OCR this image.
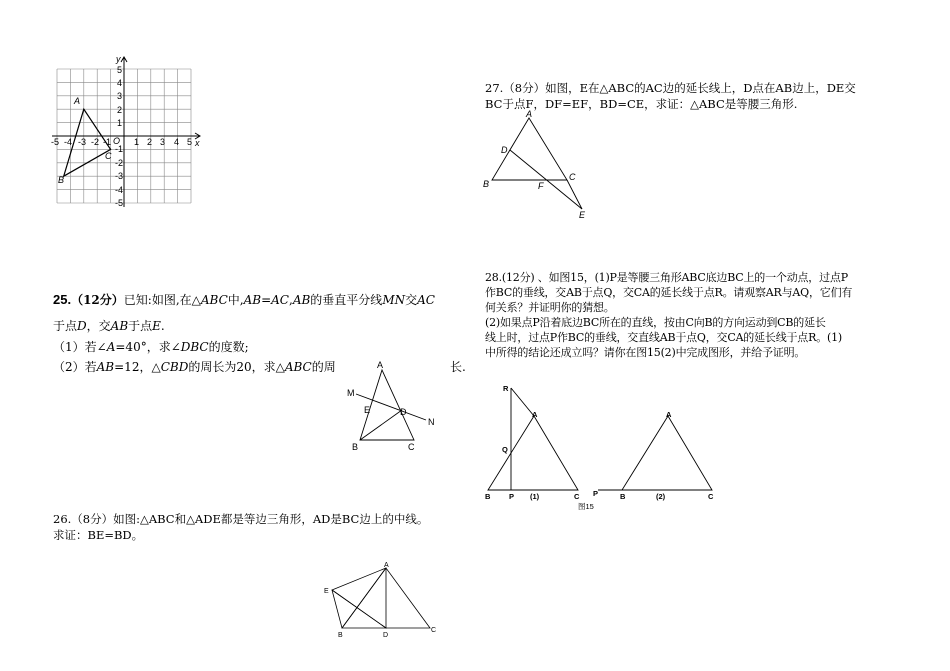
y
x
O
-5 -4 -3 -2 -1	1 2 3 4 5
5
4
3
2
1
-1
-2
-3
-4
-5
A
B
C
25.（12分）已知:如图,在△ABC中,AB=AC,AB的垂直平分线MN交AC
于点D，交AB于点E.
（1）若∠A=40°，求∠DBC的度数;
（2）若AB=12，△CBD的周长为20，求△ABC的周	长.
A
M
E	D
N
B	C
26.（8分）如图:△ABC和△ADE都是等边三角形，AD是BC边上的中线。
求证：BE=BD。
A
E
B	D
C
27.（8分）如图，E在△ABC的AC边的延长线上，D点在AB边上，DE交
BC于点F，DF=EF，BD=CE，求证：△ABC是等腰三角形.
A
D
B	F
C
E
28.(12分) 、如图15，(1)P是等腰三角形ABC底边BC上的一个动点，过点P
作BC的垂线，交AB于点Q，交CA的延长线于点R。请观察AR与AQ，它们有
何关系？并证明你的猜想。
(2)如果点P沿着底边BC所在的直线，按由C向B的方向运动到CB的延长
线上时，过点P作BC的垂线，交直线AB于点Q，交CA的延长线于点R。(1)
中所得的结论还成立吗？请你在图15(2)中完成图形，并给予证明。
R
A
Q
B P (1)	C P	B
A
(2)	C
图15
